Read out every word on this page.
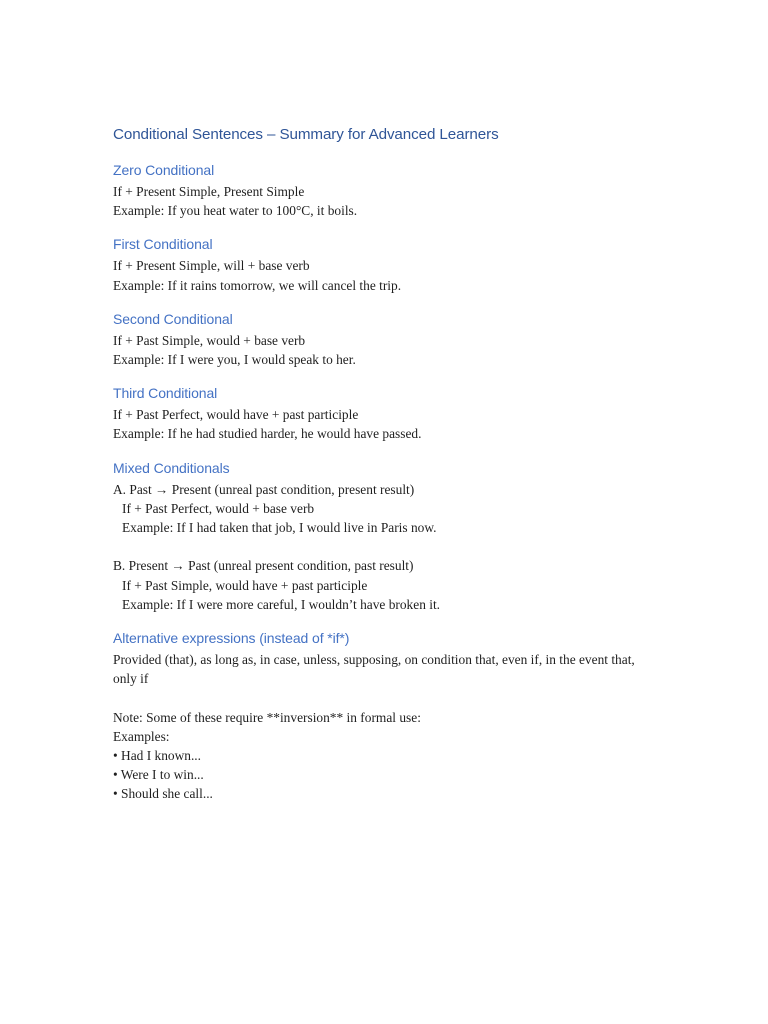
Conditional Sentences – Summary for Advanced Learners
Zero Conditional
If + Present Simple, Present Simple
Example: If you heat water to 100°C, it boils.
First Conditional
If + Present Simple, will + base verb
Example: If it rains tomorrow, we will cancel the trip.
Second Conditional
If + Past Simple, would + base verb
Example: If I were you, I would speak to her.
Third Conditional
If + Past Perfect, would have + past participle
Example: If he had studied harder, he would have passed.
Mixed Conditionals
A. Past → Present (unreal past condition, present result)
If + Past Perfect, would + base verb
Example: If I had taken that job, I would live in Paris now.
B. Present → Past (unreal present condition, past result)
If + Past Simple, would have + past participle
Example: If I were more careful, I wouldn’t have broken it.
Alternative expressions (instead of *if*)
Provided (that), as long as, in case, unless, supposing, on condition that, even if, in the event that, only if
Note: Some of these require **inversion** in formal use:
Examples:
• Had I known...
• Were I to win...
• Should she call...
